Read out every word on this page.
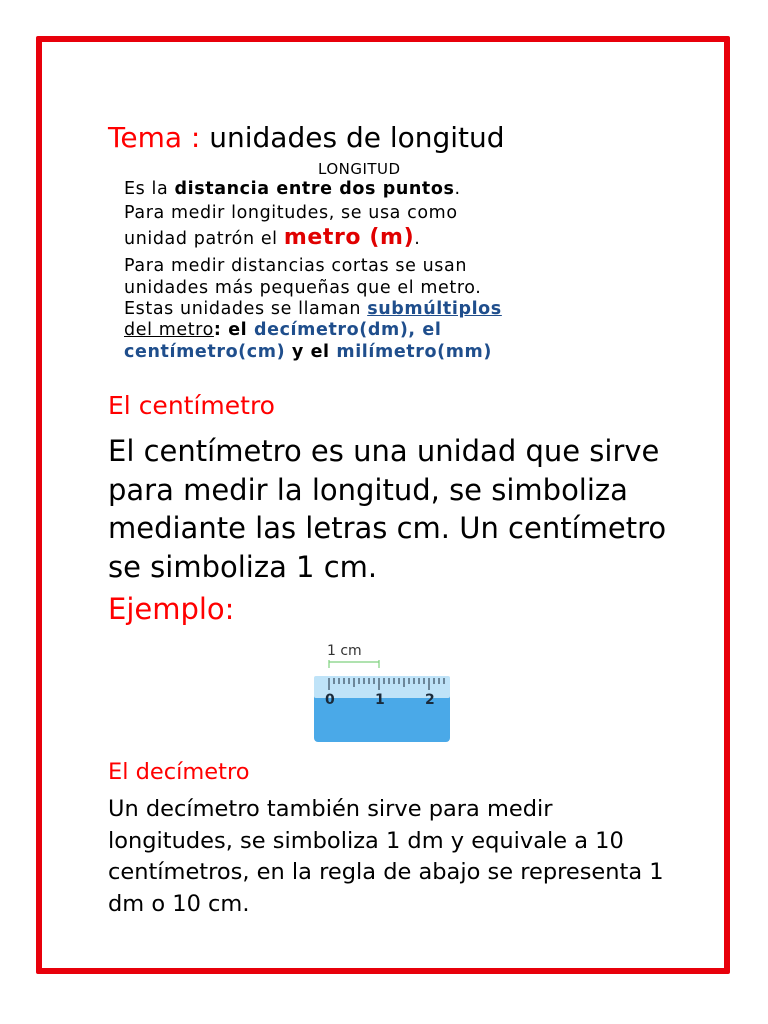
Tema : unidades de longitud
LONGITUD
Es la distancia entre dos puntos.
Para medir longitudes, se usa como
unidad patrón el metro (m).
Para medir distancias cortas se usan
unidades más pequeñas que el metro.
Estas unidades se llaman submúltiplos
del metro: el decímetro(dm), el
centímetro(cm) y el milímetro(mm)
El centímetro
El centímetro es una unidad que sirve para medir la longitud, se simboliza mediante las letras cm. Un centímetro se simboliza 1 cm.
Ejemplo:
1 cm
0	1	2
El decímetro
Un decímetro también sirve para medir longitudes, se simboliza 1 dm y equivale a 10 centímetros, en la regla de abajo se representa 1 dm o 10 cm.
